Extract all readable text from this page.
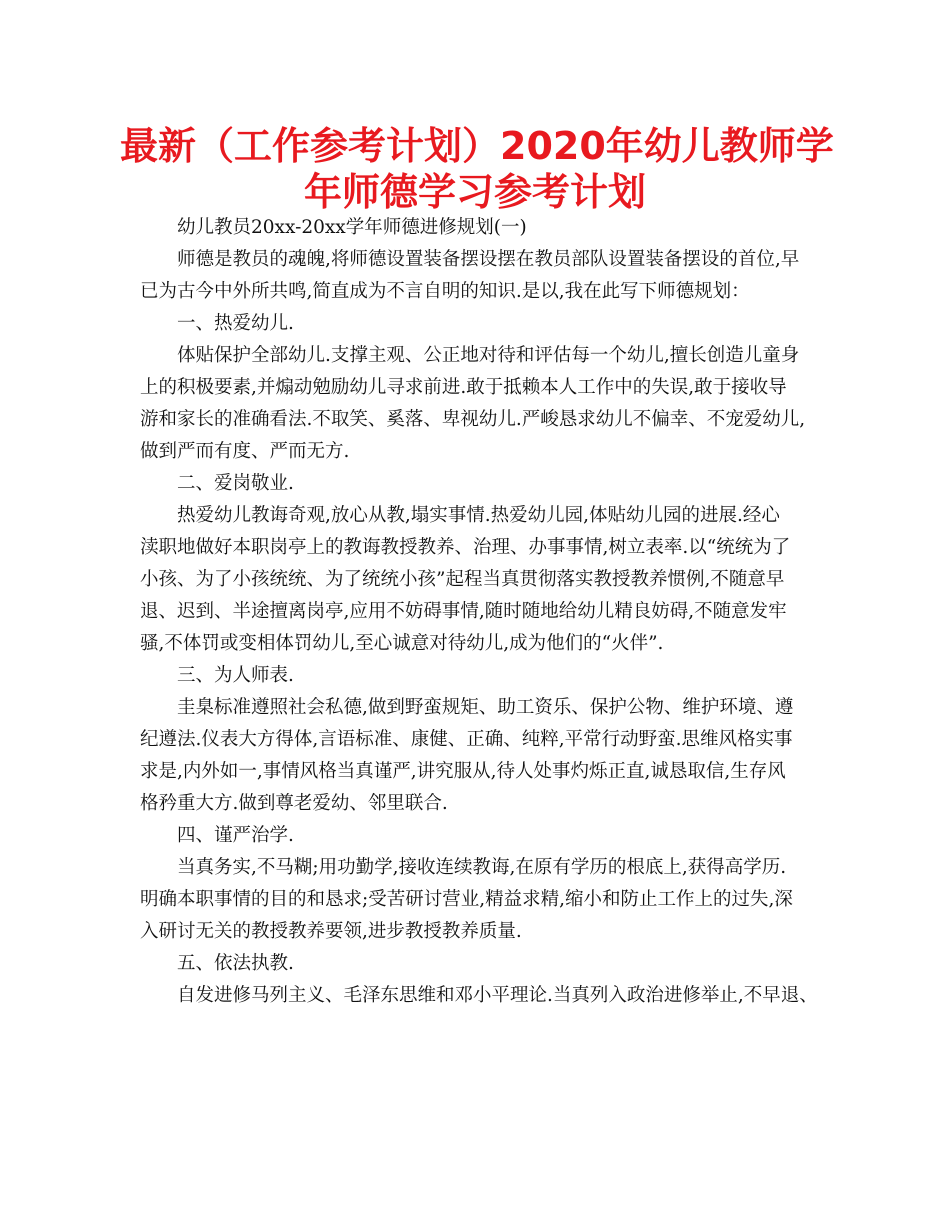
最新（工作参考计划）2020年幼儿教师学
年师德学习参考计划
幼儿教员20xx-20xx学年师德进修规划(一)
师德是教员的魂魄,将师德设置装备摆设摆在教员部队设置装备摆设的首位,早
已为古今中外所共鸣,简直成为不言自明的知识.是以,我在此写下师德规划：
一、热爱幼儿.
体贴保护全部幼儿.支撑主观、公正地对待和评估每一个幼儿,擅长创造儿童身
上的积极要素,并煽动勉励幼儿寻求前进.敢于抵赖本人工作中的失误,敢于接收导
游和家长的准确看法.不取笑、奚落、卑视幼儿.严峻恳求幼儿不偏幸、不宠爱幼儿,
做到严而有度、严而无方.
二、爱岗敬业.
热爱幼儿教诲奇观,放心从教,塌实事情.热爱幼儿园,体贴幼儿园的进展.经心
渎职地做好本职岗亭上的教诲教授教养、治理、办事事情,树立表率.以“统统为了
小孩、为了小孩统统、为了统统小孩”起程当真贯彻落实教授教养惯例,不随意早
退、迟到、半途擅离岗亭,应用不妨碍事情,随时随地给幼儿精良妨碍,不随意发牢
骚,不体罚或变相体罚幼儿,至心诚意对待幼儿,成为他们的“火伴”.
三、为人师表.
圭臬标准遵照社会私德,做到野蛮规矩、助工资乐、保护公物、维护环境、遵
纪遵法.仪表大方得体,言语标准、康健、正确、纯粹,平常行动野蛮.思维风格实事
求是,内外如一,事情风格当真谨严,讲究服从,待人处事灼烁正直,诚恳取信,生存风
格矜重大方.做到尊老爱幼、邻里联合.
四、谨严治学.
当真务实,不马糊;用功勤学,接收连续教诲,在原有学历的根底上,获得高学历.
明确本职事情的目的和恳求;受苦研讨营业,精益求精,缩小和防止工作上的过失,深
入研讨无关的教授教养要领,进步教授教养质量.
五、依法执教.
自发进修马列主义、毛泽东思维和邓小平理论.当真列入政治进修举止,不早退、
